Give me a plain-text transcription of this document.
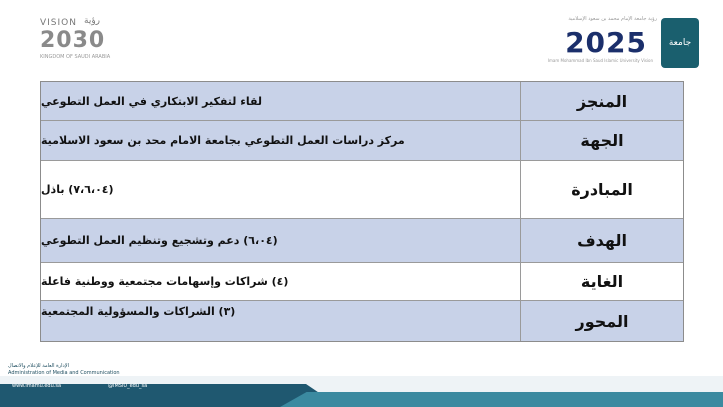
VISION رؤية
2030
KINGDOM OF SAUDI ARABIA
رؤية جامعة الإمام محمد بن سعود الإسلامية
2025
Imam Mohammad Ibn Saud Islamic University Vision
جامعة
لقاء لتفكير الابتكاري في العمل التطوعي	المنجز
مركز دراسات العمل التطوعي بجامعة الامام محد بن سعود الاسلامية	الجهة
(٧،٦،٠٤) باذل	المبادرة
(٦،٠٤) دعم وتشجيع وتنظيم العمل التطوعي	الهدف
(٤) شراكات وإسهامات مجتمعية ووطنية فاعلة	الغاية
(٣) الشراكات والمسؤولية المجتمعية	المحور
الإدارة العامة للإعلام والاتصال
Administration of Media and Communication
www.imamu.edu.sa	@IMSIU_edu_sa
